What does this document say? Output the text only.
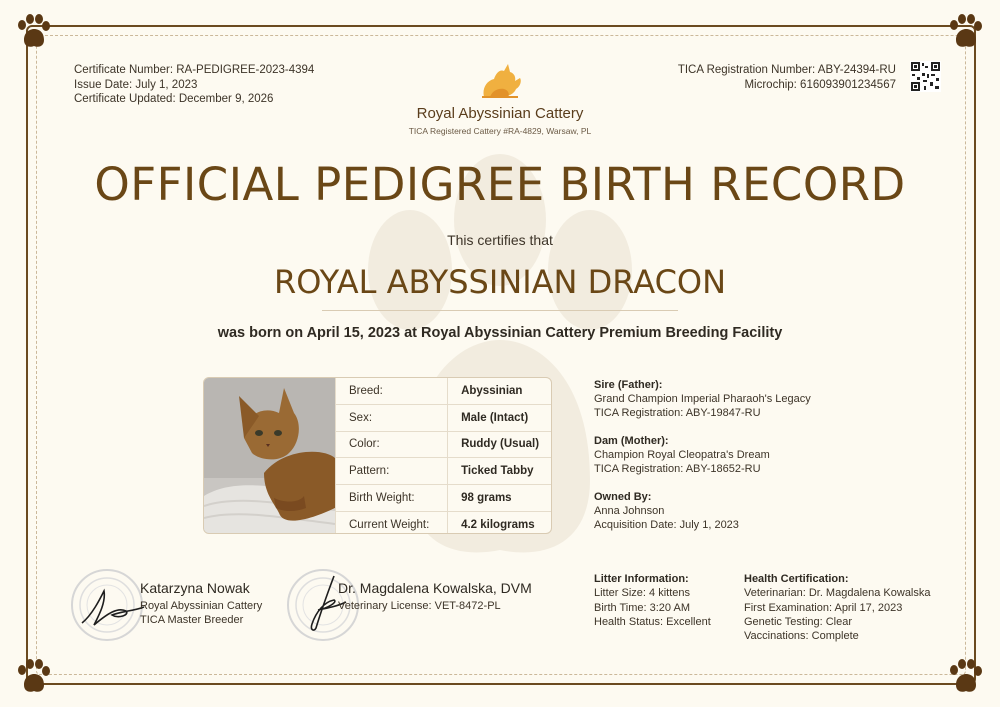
Certificate Number: RA-PEDIGREE-2023-4394
Issue Date: July 1, 2023
Certificate Updated: December 9, 2026
TICA Registration Number: ABY-24394-RU
Microchip: 616093901234567
Royal Abyssinian Cattery
TICA Registered Cattery #RA-4829, Warsaw, PL
OFFICIAL PEDIGREE BIRTH RECORD
This certifies that
ROYAL ABYSSINIAN DRACON
was born on April 15, 2023 at Royal Abyssinian Cattery Premium Breeding Facility
Breed:	Abyssinian
Sex:	Male (Intact)
Color:	Ruddy (Usual)
Pattern:	Ticked Tabby
Birth Weight:	98 grams
Current Weight:	4.2 kilograms
Sire (Father):
Grand Champion Imperial Pharaoh's Legacy
TICA Registration: ABY-19847-RU
Dam (Mother):
Champion Royal Cleopatra's Dream
TICA Registration: ABY-18652-RU
Owned By:
Anna Johnson
Acquisition Date: July 1, 2023
Katarzyna Nowak
Royal Abyssinian Cattery
TICA Master Breeder
Dr. Magdalena Kowalska, DVM
Veterinary License: VET-8472-PL
Litter Information:
Litter Size: 4 kittens
Birth Time: 3:20 AM
Health Status: Excellent
Health Certification:
Veterinarian: Dr. Magdalena Kowalska
First Examination: April 17, 2023
Genetic Testing: Clear
Vaccinations: Complete
